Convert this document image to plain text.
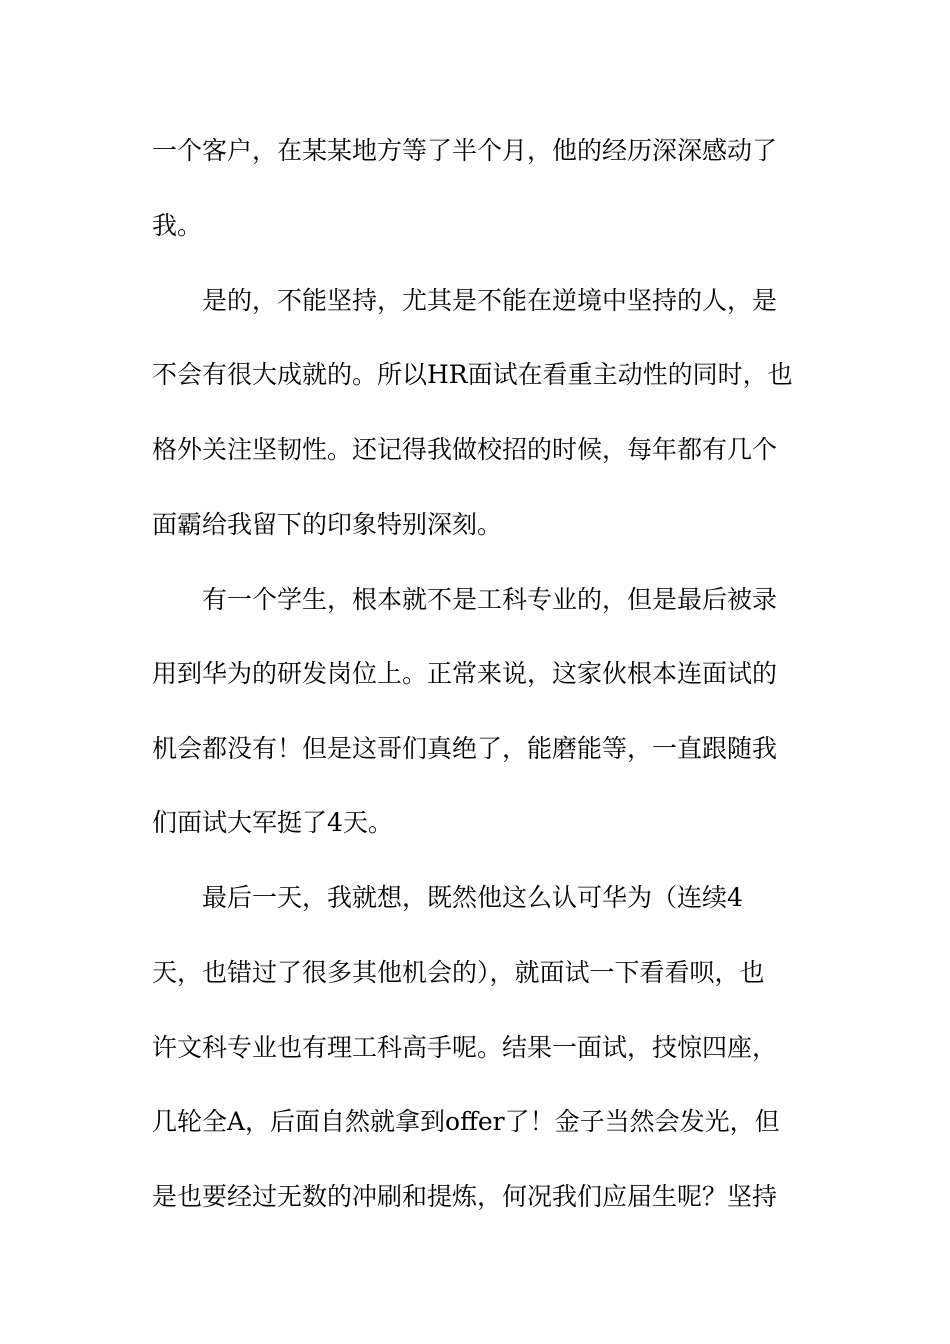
一个客户，在某某地方等了半个月，他的经历深深感动了
我。
是的，不能坚持，尤其是不能在逆境中坚持的人，是
不会有很大成就的。所以HR面试在看重主动性的同时，也
格外关注坚韧性。还记得我做校招的时候，每年都有几个
面霸给我留下的印象特别深刻。
有一个学生，根本就不是工科专业的，但是最后被录
用到华为的研发岗位上。正常来说，这家伙根本连面试的
机会都没有！但是这哥们真绝了，能磨能等，一直跟随我
们面试大军挺了4天。
最后一天，我就想，既然他这么认可华为（连续4
天，也错过了很多其他机会的），就面试一下看看呗，也
许文科专业也有理工科高手呢。结果一面试，技惊四座，
几轮全A，后面自然就拿到offer了！金子当然会发光，但
是也要经过无数的冲刷和提炼，何况我们应届生呢？坚持
